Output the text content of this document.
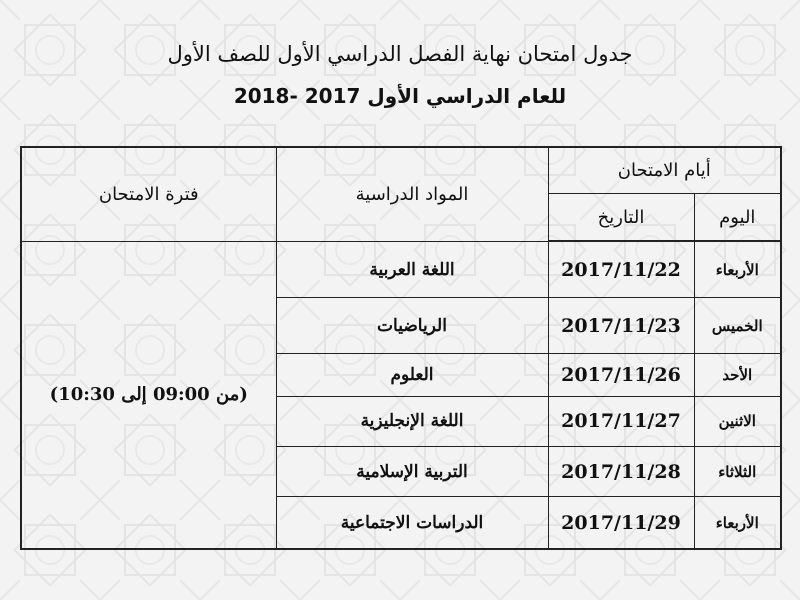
جدول امتحان نهاية الفصل الدراسي الأول للصف الأول
للعام الدراسي الأول 2017 -2018
أيام الامتحان		المواد الدراسية	فترة الامتحان
اليوم	التاريخ		
الأربعاء	2017/11/22	اللغة العربية	(من 09:00 إلى 10:30)
الخميس	2017/11/23	الرياضيات	
الأحد	2017/11/26	العلوم	
الاثنين	2017/11/27	اللغة الإنجليزية	
الثلاثاء	2017/11/28	التربية الإسلامية	
الأربعاء	2017/11/29	الدراسات الاجتماعية	
